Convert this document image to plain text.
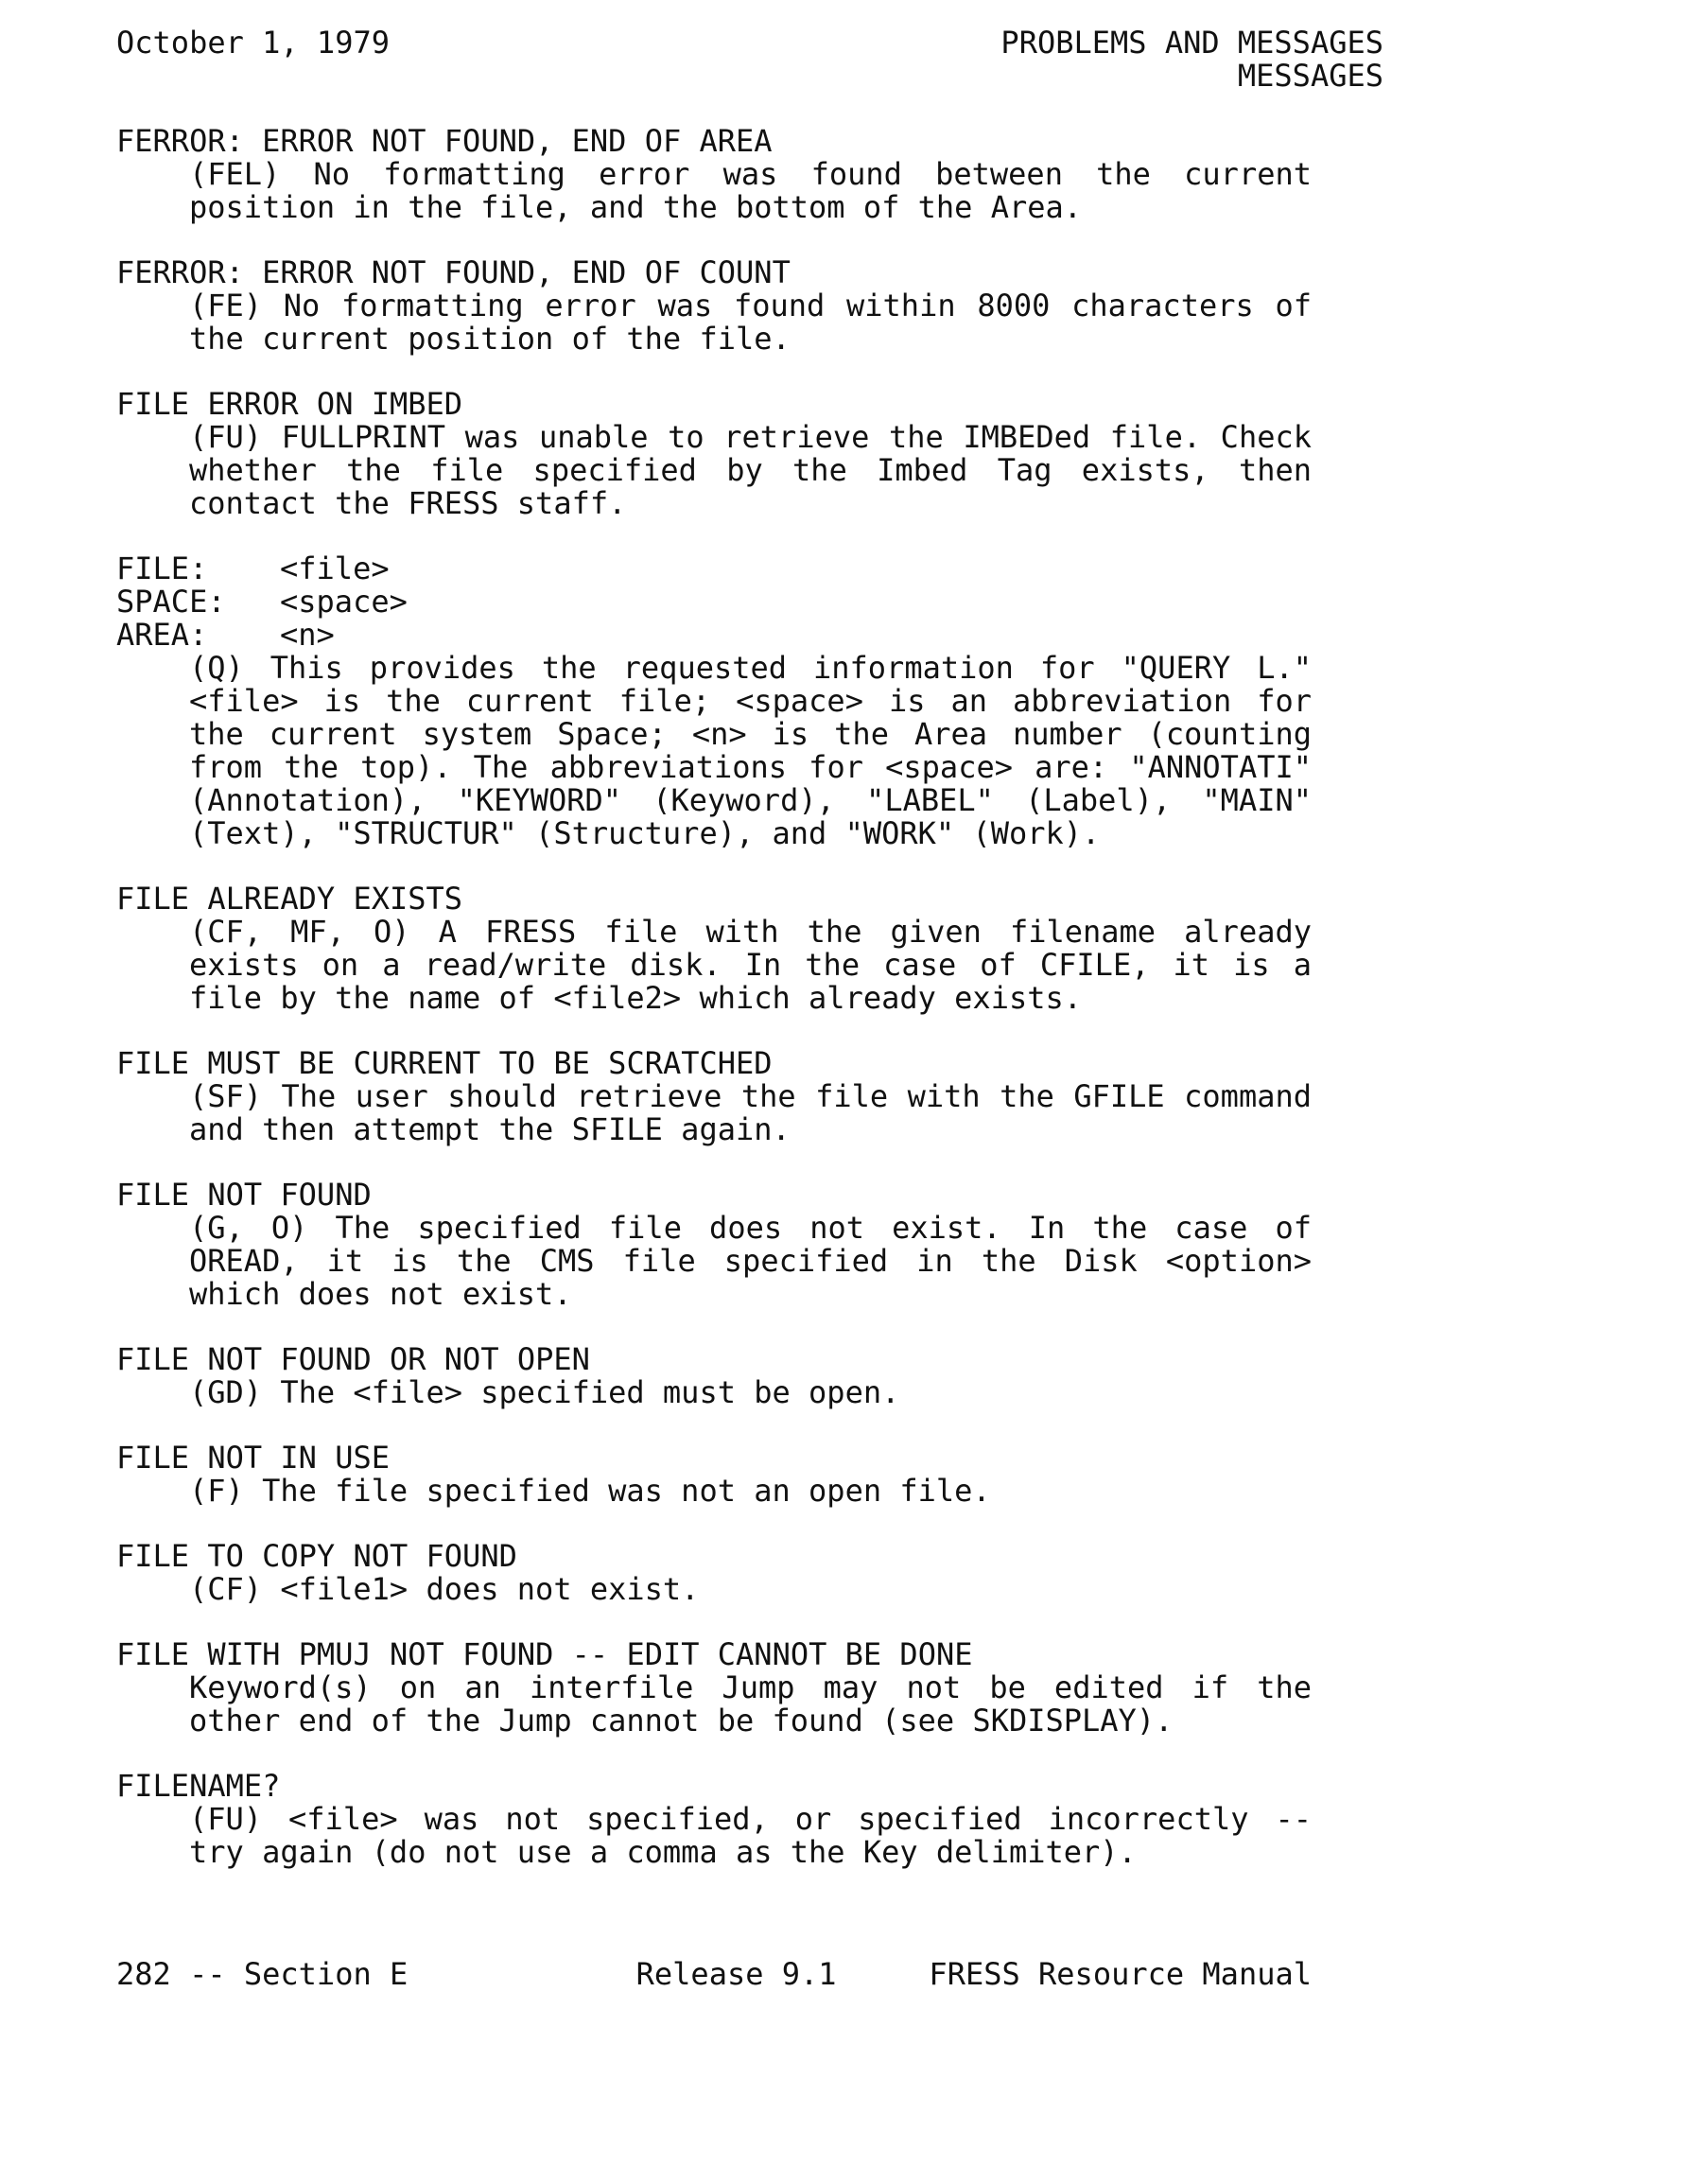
October 1, 1979	PROBLEMS AND MESSAGES
MESSAGES
FERROR: ERROR NOT FOUND, END OF AREA
(FEL) No formatting error was found between the current position in the file, and the bottom of the Area.
FERROR: ERROR NOT FOUND, END OF COUNT
(FE) No formatting error was found within 8000 characters of the current position of the file.
FILE ERROR ON IMBED
(FU) FULLPRINT was unable to retrieve the IMBEDed file. Check whether the file specified by the Imbed Tag exists, then contact the FRESS staff.
FILE: <file>
SPACE: <space>
AREA: <n>
(Q) This provides the requested information for "QUERY L." <file> is the current file; <space> is an abbreviation for the current system Space; <n> is the Area number (counting from the top). The abbreviations for <space> are: "ANNOTATI" (Annotation), "KEYWORD" (Keyword), "LABEL" (Label), "MAIN" (Text), "STRUCTUR" (Structure), and "WORK" (Work).
FILE ALREADY EXISTS
(CF, MF, O) A FRESS file with the given filename already exists on a read/write disk. In the case of CFILE, it is a file by the name of <file2> which already exists.
FILE MUST BE CURRENT TO BE SCRATCHED
(SF) The user should retrieve the file with the GFILE command and then attempt the SFILE again.
FILE NOT FOUND
(G, O) The specified file does not exist. In the case of OREAD, it is the CMS file specified in the Disk <option> which does not exist.
FILE NOT FOUND OR NOT OPEN
(GD) The <file> specified must be open.
FILE NOT IN USE
(F) The file specified was not an open file.
FILE TO COPY NOT FOUND
(CF) <file1> does not exist.
FILE WITH PMUJ NOT FOUND -- EDIT CANNOT BE DONE
Keyword(s) on an interfile Jump may not be edited if the other end of the Jump cannot be found (see SKDISPLAY).
FILENAME?
(FU) <file> was not specified, or specified incorrectly -- try again (do not use a comma as the Key delimiter).
282 -- Section E	Release 9.1	FRESS Resource Manual
